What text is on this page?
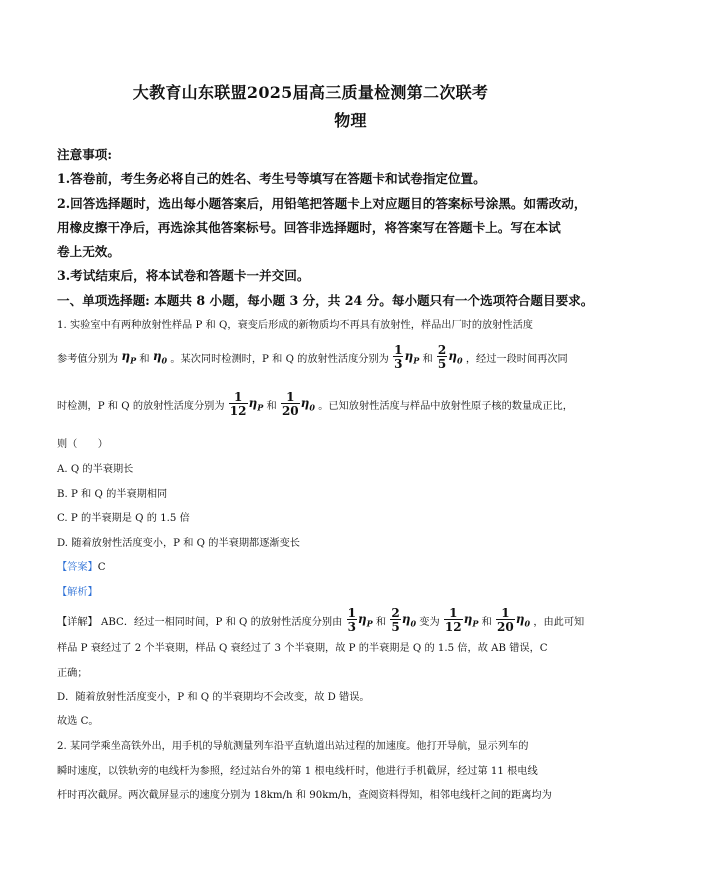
大教育山东联盟2025届高三质量检测第二次联考
物理
注意事项:
1.答卷前，考生务必将自己的姓名、考生号等填写在答题卡和试卷指定位置。
2.回答选择题时，选出每小题答案后，用铅笔把答题卡上对应题目的答案标号涂黑。如需改动，
用橡皮擦干净后，再选涂其他答案标号。回答非选择题时，将答案写在答题卡上。写在本试
卷上无效。
3.考试结束后，将本试卷和答题卡一并交回。
一、单项选择题: 本题共 8 小题，每小题 3 分，共 24 分。每小题只有一个选项符合题目要求。
1. 实验室中有两种放射性样品 P 和 Q，衰变后形成的新物质均不再具有放射性，样品出厂时的放射性活度
参考值分别为 $\eta_P$ 和 $\eta_0$ 。某次同时检测时，P 和 Q 的放射性活度分别为 $\frac{1}{3} \eta_P$ 和 $\frac{2}{5} \eta_0$ ，经过一段时间再次同
时检测，P 和 Q 的放射性活度分别为 $\frac{1}{12} \eta_P$ 和 $\frac{1}{20} \eta_0$ 。已知放射性活度与样品中放射性原子核的数量成正比，
则（　　）
A. Q 的半衰期长
B. P 和 Q 的半衰期相同
C. P 的半衰期是 Q 的 1.5 倍
D. 随着放射性活度变小，P 和 Q 的半衰期都逐渐变长
【答案】C
【解析】
【详解】 ABC．经过一相同时间，P 和 Q 的放射性活度分别由 $\frac{1}{3} \eta_P$ 和 $\frac{2}{5} \eta_0$ 变为 $\frac{1}{12} \eta_P$ 和 $\frac{1}{20} \eta_0$ ，由此可知
样品 P 衰经过了 2 个半衰期，样品 Q 衰经过了 3 个半衰期，故 P 的半衰期是 Q 的 1.5 倍，故 AB 错误，C
正确；
D．随着放射性活度变小，P 和 Q 的半衰期均不会改变，故 D 错误。
故选 C。
2. 某同学乘坐高铁外出，用手机的导航测量列车沿平直轨道出站过程的加速度。他打开导航，显示列车的
瞬时速度，以铁轨旁的电线杆为参照，经过站台外的第 1 根电线杆时，他进行手机截屏，经过第 11 根电线
杆时再次截屏。两次截屏显示的速度分别为 18km/h 和 90km/h，查阅资料得知，相邻电线杆之间的距离均为
